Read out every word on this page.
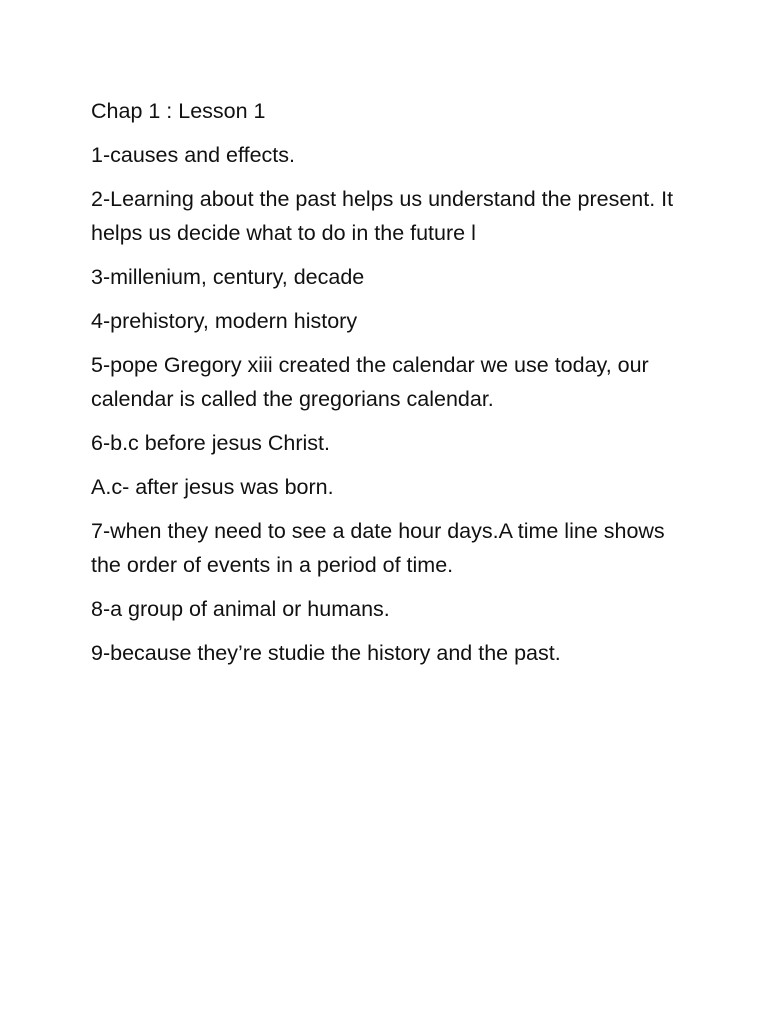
Chap 1 : Lesson 1

1-causes and effects.

2-Learning about the past helps us understand the present. It helps us decide what to do in the future l

3-millenium, century, decade

4-prehistory, modern history

5-pope Gregory xiii created the calendar we use today, our calendar is called the gregorians calendar.

6-b.c before jesus Christ.

A.c- after jesus was born.

7-when they need to see a date hour days.A time line shows the order of events in a period of time.

8-a group of animal or humans.

9-because they’re studie the history and the past.
